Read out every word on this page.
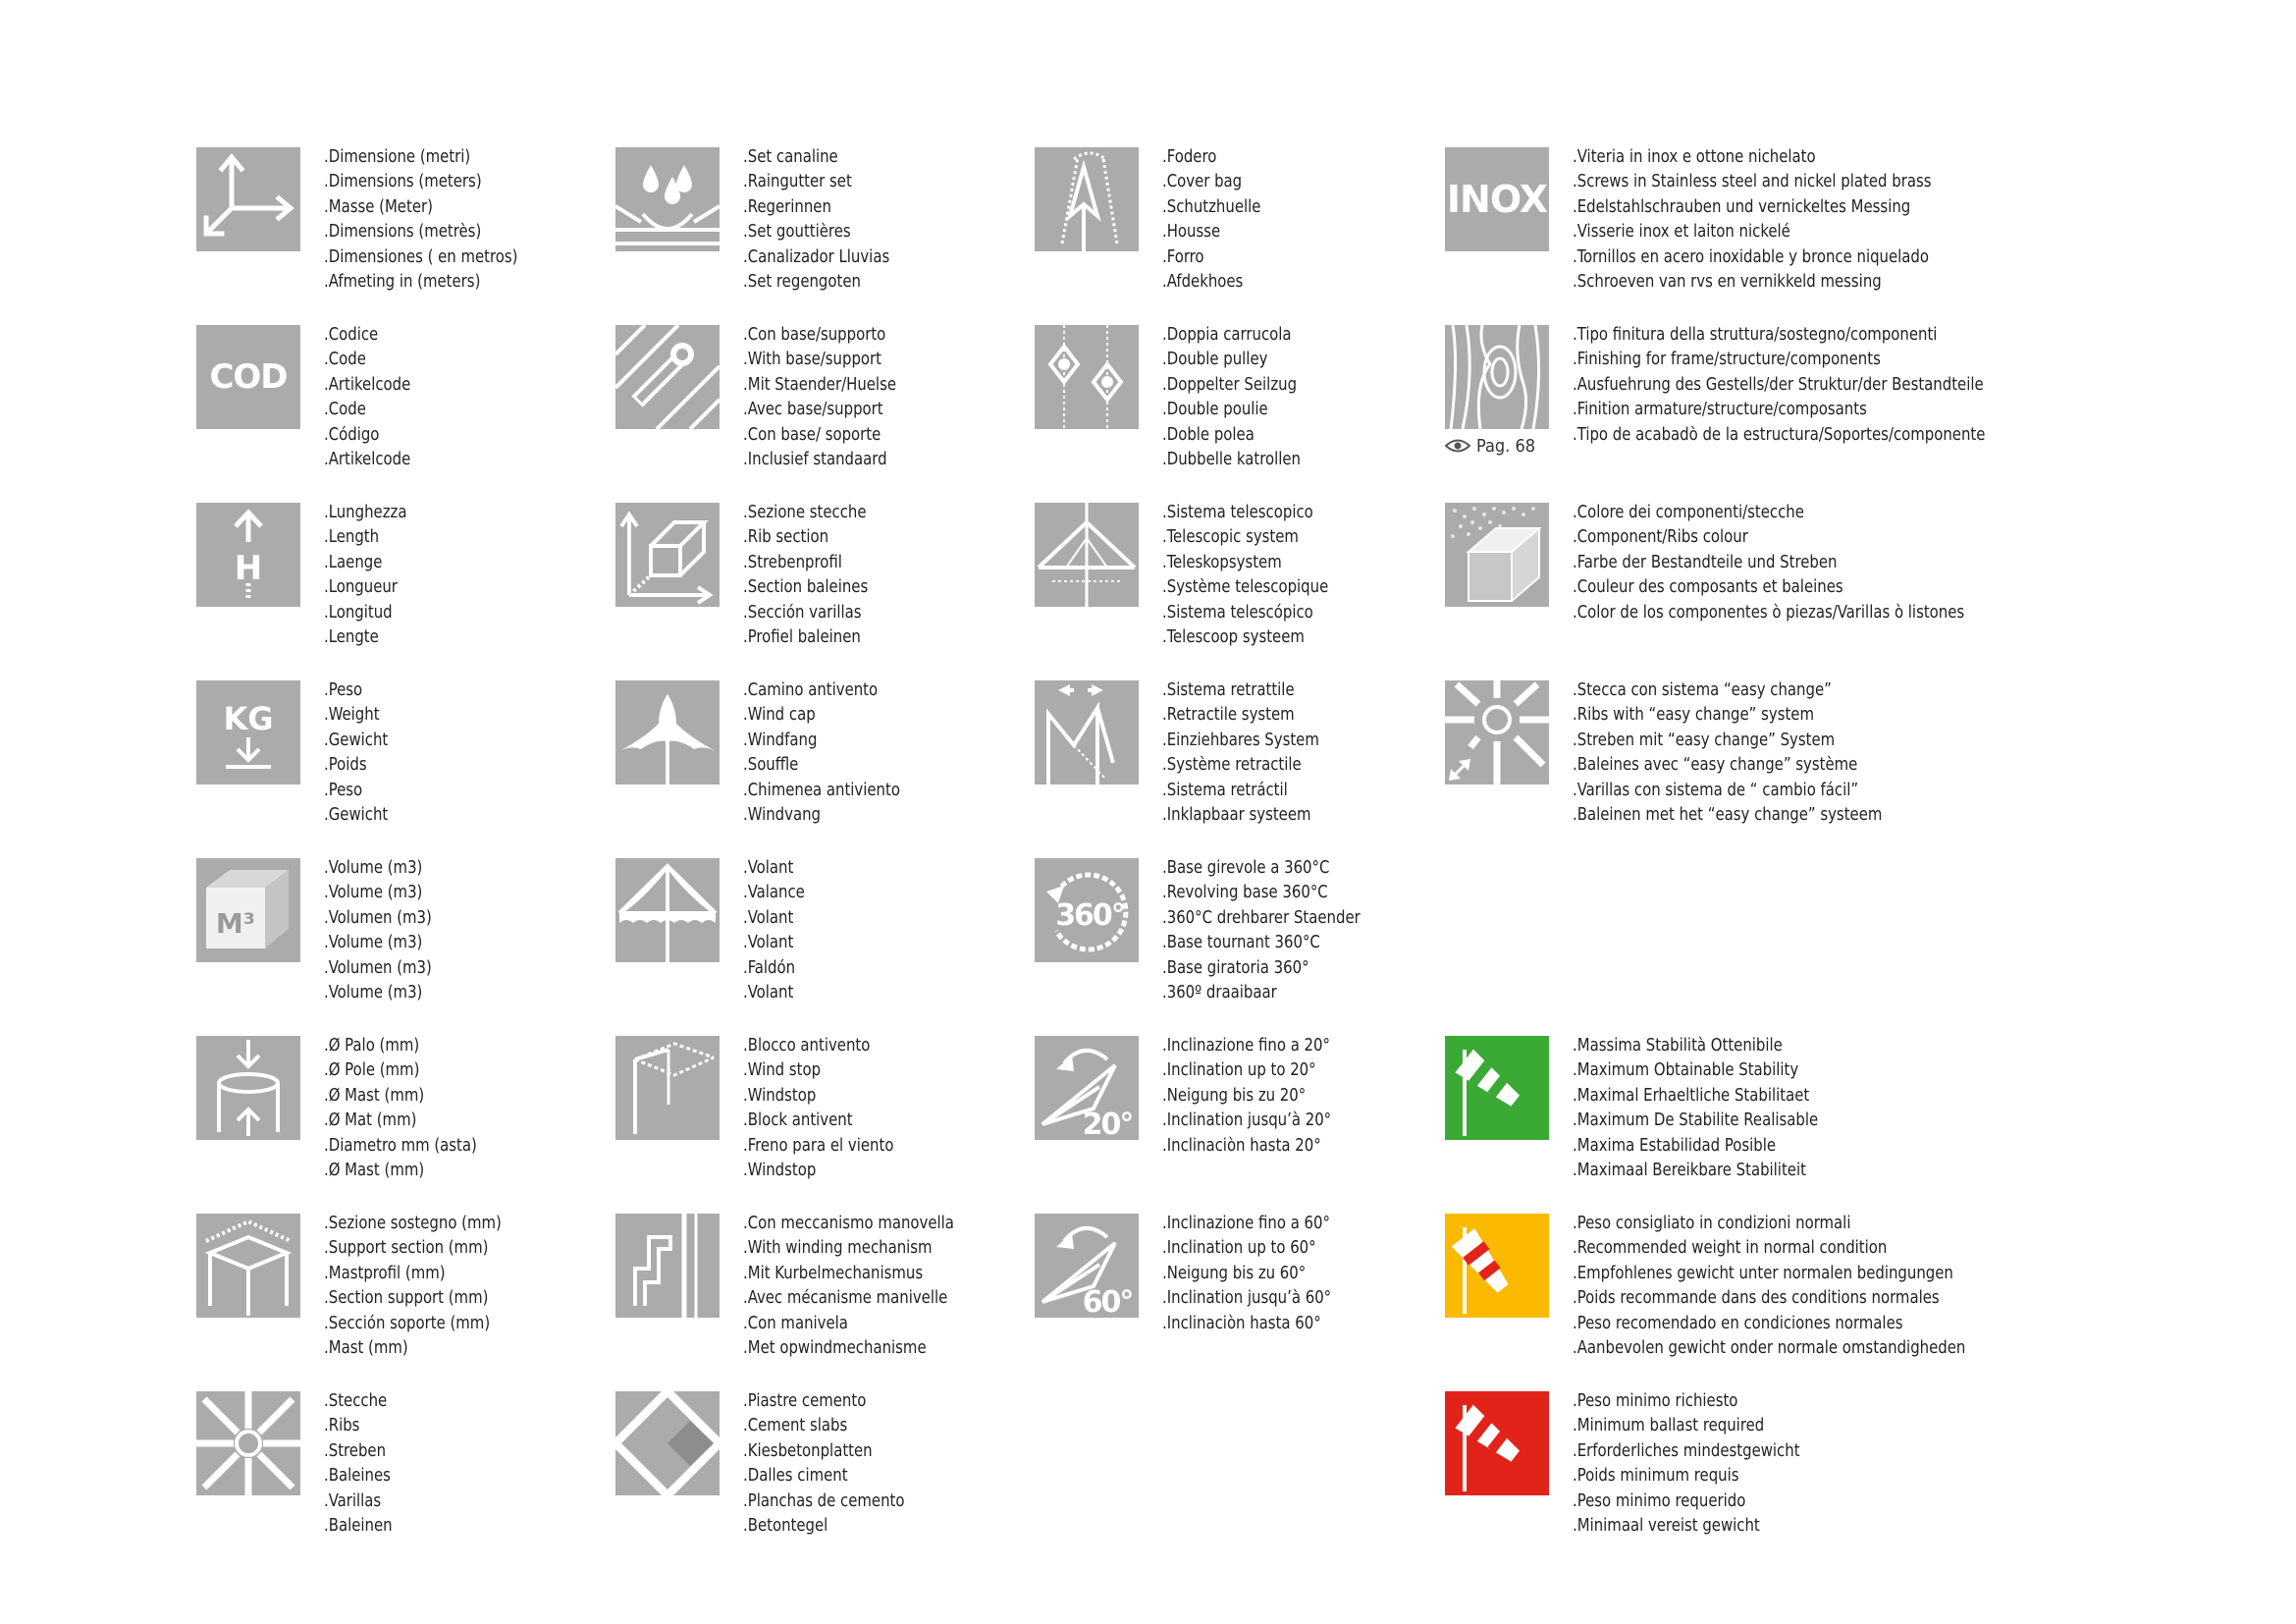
.Dimensione (metri)
.Dimensions (meters)
.Masse (Meter)
.Dimensions (metrès)
.Dimensiones ( en metros)
.Afmeting in (meters)
COD
.Codice
.Code
.Artikelcode
.Code
.Código
.Artikelcode
H
.Lunghezza
.Length
.Laenge
.Longueur
.Longitud
.Lengte
KG
.Peso
.Weight
.Gewicht
.Poids
.Peso
.Gewicht
M³
.Volume (m3)
.Volume (m3)
.Volumen (m3)
.Volume (m3)
.Volumen (m3)
.Volume (m3)
.Ø Palo (mm)
.Ø Pole (mm)
.Ø Mast (mm)
.Ø Mat (mm)
.Diametro mm (asta)
.Ø Mast (mm)
.Sezione sostegno (mm)
.Support section (mm)
.Mastprofil (mm)
.Section support (mm)
.Sección soporte (mm)
.Mast (mm)
.Stecche
.Ribs
.Streben
.Baleines
.Varillas
.Baleinen
.Set canaline
.Raingutter set
.Regerinnen
.Set gouttières
.Canalizador Lluvias
.Set regengoten
.Con base/supporto
.With base/support
.Mit Staender/Huelse
.Avec base/support
.Con base/ soporte
.Inclusief standaard
.Sezione stecche
.Rib section
.Strebenprofil
.Section baleines
.Sección varillas
.Profiel baleinen
.Camino antivento
.Wind cap
.Windfang
.Souffle
.Chimenea antiviento
.Windvang
.Volant
.Valance
.Volant
.Volant
.Faldón
.Volant
.Blocco antivento
.Wind stop
.Windstop
.Block antivent
.Freno para el viento
.Windstop
.Con meccanismo manovella
.With winding mechanism
.Mit Kurbelmechanismus
.Avec mécanisme manivelle
.Con manivela
.Met opwindmechanisme
.Piastre cemento
.Cement slabs
.Kiesbetonplatten
.Dalles ciment
.Planchas de cemento
.Betontegel
.Fodero
.Cover bag
.Schutzhuelle
.Housse
.Forro
.Afdekhoes
.Doppia carrucola
.Double pulley
.Doppelter Seilzug
.Double poulie
.Doble polea
.Dubbelle katrollen
.Sistema telescopico
.Telescopic system
.Teleskopsystem
.Système telescopique
.Sistema telescópico
.Telescoop systeem
.Sistema retrattile
.Retractile system
.Einziehbares System
.Système retractile
.Sistema retráctil
.Inklapbaar systeem
360°
.Base girevole a 360°C
.Revolving base 360°C
.360°C drehbarer Staender
.Base tournant 360°C
.Base giratoria 360°
.360º draaibaar
20°
.Inclinazione fino a 20°
.Inclination up to 20°
.Neigung bis zu 20°
.Inclination jusqu’à 20°
.Inclinaciòn hasta 20°
60°
.Inclinazione fino a 60°
.Inclination up to 60°
.Neigung bis zu 60°
.Inclination jusqu’à 60°
.Inclinaciòn hasta 60°
INOX
.Viteria in inox e ottone nichelato
.Screws in Stainless steel and nickel plated brass
.Edelstahlschrauben und vernickeltes Messing
.Visserie inox et laiton nickelé
.Tornillos en acero inoxidable y bronce niquelado
.Schroeven van rvs en vernikkeld messing
Pag. 68
.Tipo finitura della struttura/sostegno/componenti
.Finishing for frame/structure/components
.Ausfuehrung des Gestells/der Struktur/der Bestandteile
.Finition armature/structure/composants
.Tipo de acabadò de la estructura/Soportes/componente
.Colore dei componenti/stecche
.Component/Ribs colour
.Farbe der Bestandteile und Streben
.Couleur des composants et baleines
.Color de los componentes ò piezas/Varillas ò listones
.Stecca con sistema “easy change”
.Ribs with “easy change” system
.Streben mit “easy change” System
.Baleines avec “easy change” système
.Varillas con sistema de “ cambio fácil”
.Baleinen met het “easy change” systeem
.Massima Stabilità Ottenibile
.Maximum Obtainable Stability
.Maximal Erhaeltliche Stabilitaet
.Maximum De Stabilite Realisable
.Maxima Estabilidad Posible
.Maximaal Bereikbare Stabiliteit
.Peso consigliato in condizioni normali
.Recommended weight in normal condition
.Empfohlenes gewicht unter normalen bedingungen
.Poids recommande dans des conditions normales
.Peso recomendado en condiciones normales
.Aanbevolen gewicht onder normale omstandigheden
.Peso minimo richiesto
.Minimum ballast required
.Erforderliches mindestgewicht
.Poids minimum requis
.Peso minimo requerido
.Minimaal vereist gewicht
